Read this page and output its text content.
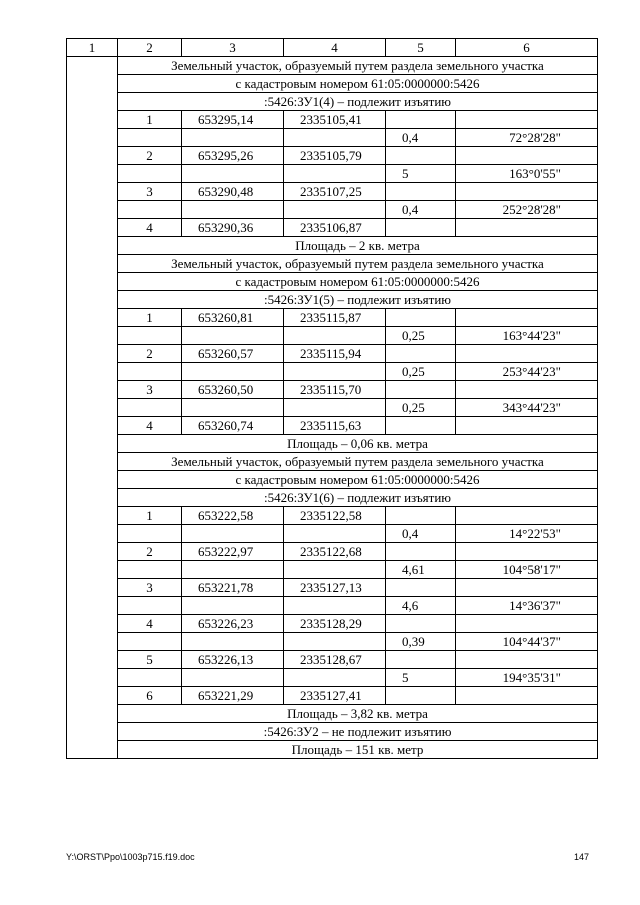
1	2	3	4	5	6
	Земельный участок, образуемый путем раздела земельного участка				
	с кадастровым номером 61:05:0000000:5426				
	:5426:ЗУ1(4) – подлежит изъятию				
	1	653295,14	2335105,41		
				0,4	72°28'28"
	2	653295,26	2335105,79		
				5	163°0'55"
	3	653290,48	2335107,25		
				0,4	252°28'28"
	4	653290,36	2335106,87		
	Площадь – 2 кв. метра				
	Земельный участок, образуемый путем раздела земельного участка				
	с кадастровым номером 61:05:0000000:5426				
	:5426:ЗУ1(5) – подлежит изъятию				
	1	653260,81	2335115,87		
				0,25	163°44'23"
	2	653260,57	2335115,94		
				0,25	253°44'23"
	3	653260,50	2335115,70		
				0,25	343°44'23"
	4	653260,74	2335115,63		
	Площадь – 0,06 кв. метра				
	Земельный участок, образуемый путем раздела земельного участка				
	с кадастровым номером 61:05:0000000:5426				
	:5426:ЗУ1(6) – подлежит изъятию				
	1	653222,58	2335122,58		
				0,4	14°22'53"
	2	653222,97	2335122,68		
				4,61	104°58'17"
	3	653221,78	2335127,13		
				4,6	14°36'37"
	4	653226,23	2335128,29		
				0,39	104°44'37"
	5	653226,13	2335128,67		
				5	194°35'31"
	6	653221,29	2335127,41		
	Площадь – 3,82 кв. метра				
	:5426:ЗУ2 – не подлежит изъятию				
	Площадь – 151 кв. метр				
Y:\ORST\Ppo\1003p715.f19.doc	147
